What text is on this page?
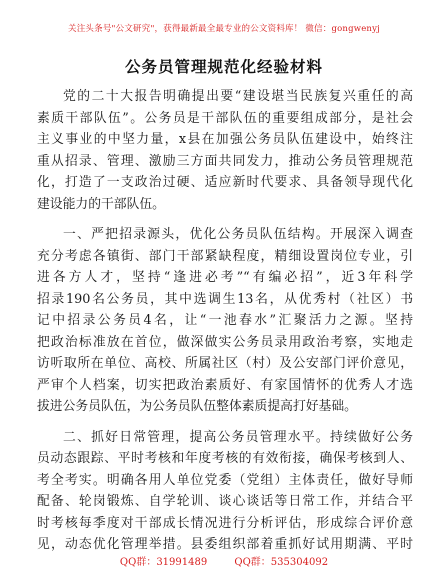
关注头条号"公文研究"，获得最新最全最专业的公文资料库！ 微信：gongwenyj
公务员管理规范化经验材料
党的二十大报告明确提出要“建设堪当民族复兴重任的高
素质干部队伍”。公务员是干部队伍的重要组成部分，是社会
主义事业的中坚力量，x县在加强公务员队伍建设中，始终注
重从招录、管理、激励三方面共同发力，推动公务员管理规范
化，打造了一支政治过硬、适应新时代要求、具备领导现代化
建设能力的干部队伍。
一、严把招录源头，优化公务员队伍结构。开展深入调查
充分考虑各镇街、部门干部紧缺程度，精细设置岗位专业，引
进各方人才，坚持“逢进必考”“有编必招”，近3年科学
招录190名公务员，其中选调生13名，从优秀村（社区）书
记中招录公务员4名，让“一池春水”汇聚活力之源。坚持
把政治标准放在首位，做深做实公务员录用政治考察，实地走
访听取所在单位、高校、所属社区（村）及公安部门评价意见，
严审个人档案，切实把政治素质好、有家国情怀的优秀人才选
拔进公务员队伍，为公务员队伍整体素质提高打好基础。
二、抓好日常管理，提高公务员管理水平。持续做好公务
员动态跟踪、平时考核和年度考核的有效衔接，确保考核到人、
考全考实。明确各用人单位党委（党组）主体责任，做好导师
配备、轮岗锻炼、自学轮训、谈心谈话等日常工作，并结合平
时考核每季度对干部成长情况进行分析评估，形成综合评价意
见，动态优化管理举措。县委组织部着重抓好试用期满、平时
QQ群：31991489	QQ群：535304092
